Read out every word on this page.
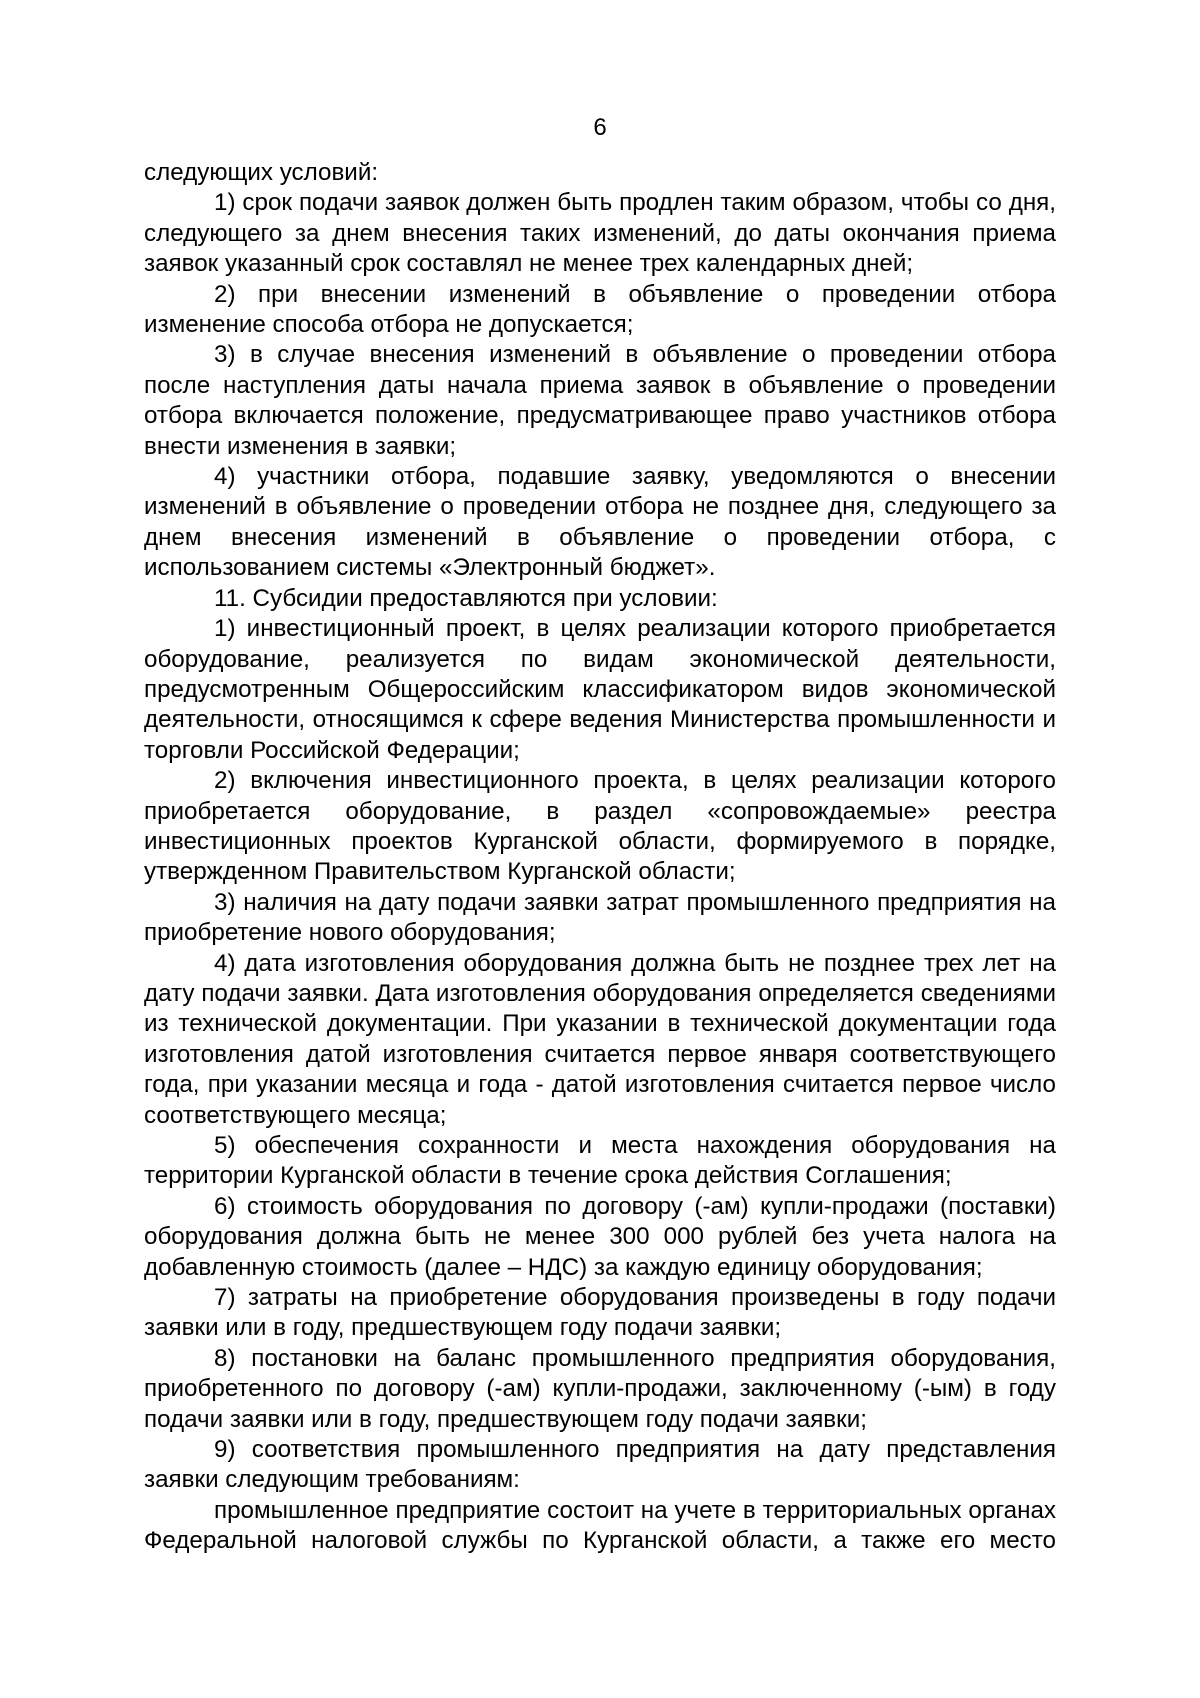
6

следующих условий:

1) срок подачи заявок должен быть продлен таким образом, чтобы со дня, следующего за днем внесения таких изменений, до даты окончания приема заявок указанный срок составлял не менее трех календарных дней;

2) при внесении изменений в объявление о проведении отбора изменение способа отбора не допускается;

3) в случае внесения изменений в объявление о проведении отбора после наступления даты начала приема заявок в объявление о проведении отбора включается положение, предусматривающее право участников отбора внести изменения в заявки;

4) участники отбора, подавшие заявку, уведомляются о внесении изменений в объявление о проведении отбора не позднее дня, следующего за днем внесения изменений в объявление о проведении отбора, с использованием системы «Электронный бюджет».

11. Субсидии предоставляются при условии:

1) инвестиционный проект, в целях реализации которого приобретается оборудование, реализуется по видам экономической деятельности, предусмотренным Общероссийским классификатором видов экономической деятельности, относящимся к сфере ведения Министерства промышленности и торговли Российской Федерации;

2) включения инвестиционного проекта, в целях реализации которого приобретается оборудование, в раздел «сопровождаемые» реестра инвестиционных проектов Курганской области, формируемого в порядке, утвержденном Правительством Курганской области;

3) наличия на дату подачи заявки затрат промышленного предприятия на приобретение нового оборудования;

4) дата изготовления оборудования должна быть не позднее трех лет на дату подачи заявки. Дата изготовления оборудования определяется сведениями из технической документации. При указании в технической документации года изготовления датой изготовления считается первое января соответствующего года, при указании месяца и года - датой изготовления считается первое число соответствующего месяца;

5) обеспечения сохранности и места нахождения оборудования на территории Курганской области в течение срока действия Соглашения;

6) стоимость оборудования по договору (-ам) купли-продажи (поставки) оборудования должна быть не менее 300 000 рублей без учета налога на добавленную стоимость (далее – НДС) за каждую единицу оборудования;

7) затраты на приобретение оборудования произведены в году подачи заявки или в году, предшествующем году подачи заявки;

8) постановки на баланс промышленного предприятия оборудования, приобретенного по договору (-ам) купли-продажи, заключенному (-ым) в году подачи заявки или в году, предшествующем году подачи заявки;

9) соответствия промышленного предприятия на дату представления заявки следующим требованиям:

промышленное предприятие состоит на учете в территориальных органах Федеральной налоговой службы по Курганской области, а также его место
